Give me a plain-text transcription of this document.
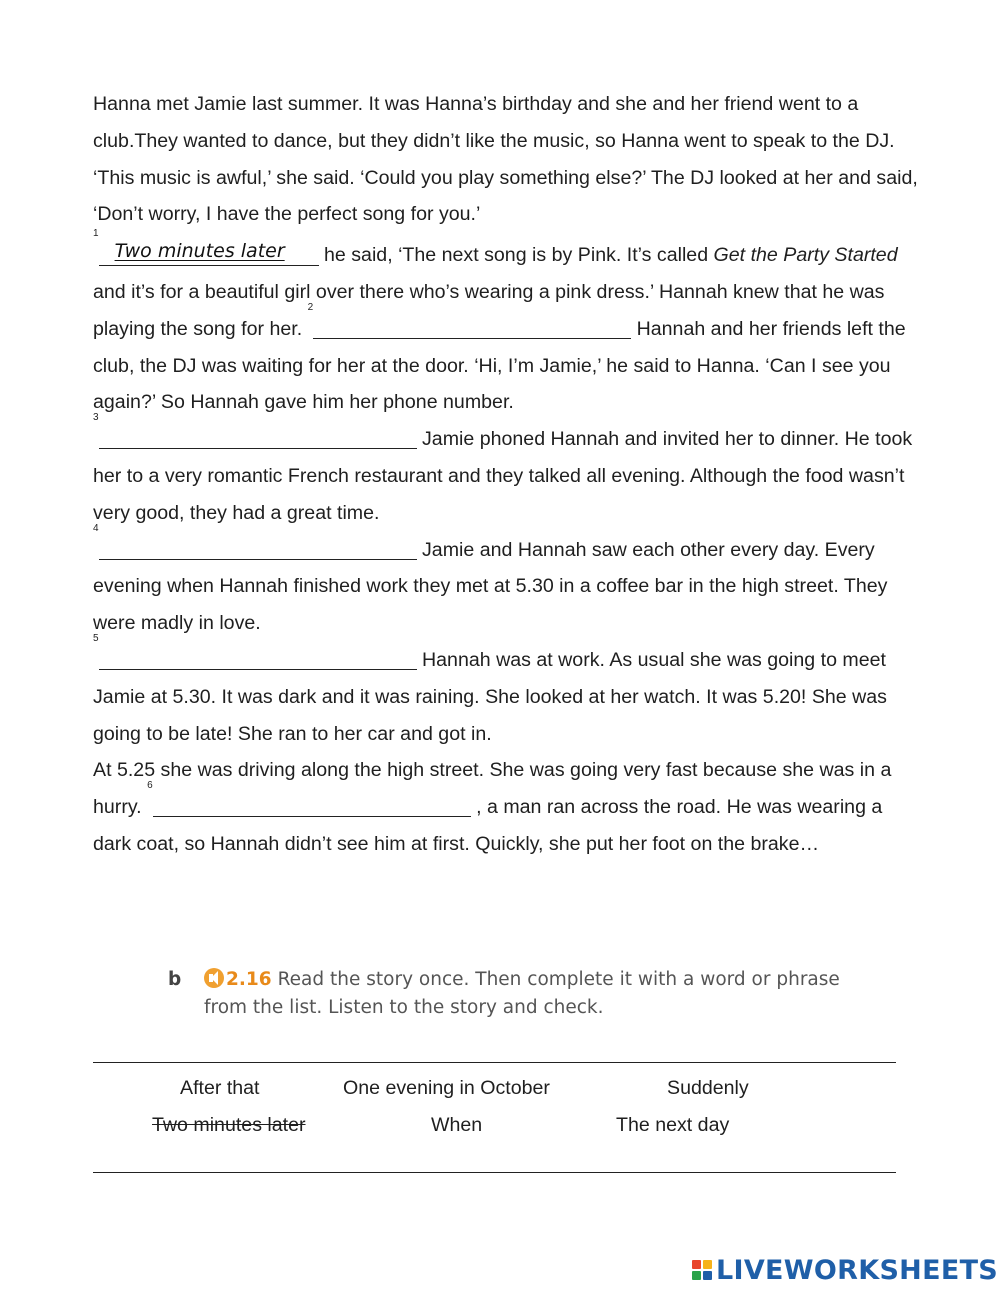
Hanna met Jamie last summer. It was Hanna’s birthday and she and her friend went to a club.They wanted to dance, but they didn’t like the music, so Hanna went to speak to the DJ.

‘This music is awful,’ she said. ‘Could you play something else?’ The DJ looked at her and said, ‘Don’t worry, I have the perfect song for you.’

$^1$
Two minutes later he said, ‘The next song is by Pink. It’s called Get the Party Started and it’s for a beautiful girl over there who’s wearing a pink dress.’ Hannah knew that he was playing the song for her. $^2$ Hannah and her friends left the club, the DJ was waiting for her at the door. ‘Hi, I’m Jamie,’ he said to Hanna. ‘Can I see you again?’ So Hannah gave him her phone number.

$^3$ Jamie phoned Hannah and invited her to dinner. He took her to a very romantic French restaurant and they talked all evening. Although the food wasn’t very good, they had a great time.

$^4$ Jamie and Hannah saw each other every day. Every evening when Hannah finished work they met at 5.30 in a coffee bar in the high street. They were madly in love.

$^5$ Hannah was at work. As usual she was going to meet Jamie at 5.30. It was dark and it was raining. She looked at her watch. It was 5.20! She was going to be late! She ran to her car and got in.

At 5.25 she was driving along the high street. She was going very fast because she was in a hurry. $^6$ , a man ran across the road. He was wearing a dark coat, so Hannah didn’t see him at first. Quickly, she put her foot on the brake…

b	2.16 Read the story once. Then complete it with a word or phrase from the list. Listen to the story and check.
After that	One evening in October	Suddenly
Two minutes later	When	The next day
LIVEWORKSHEETS
